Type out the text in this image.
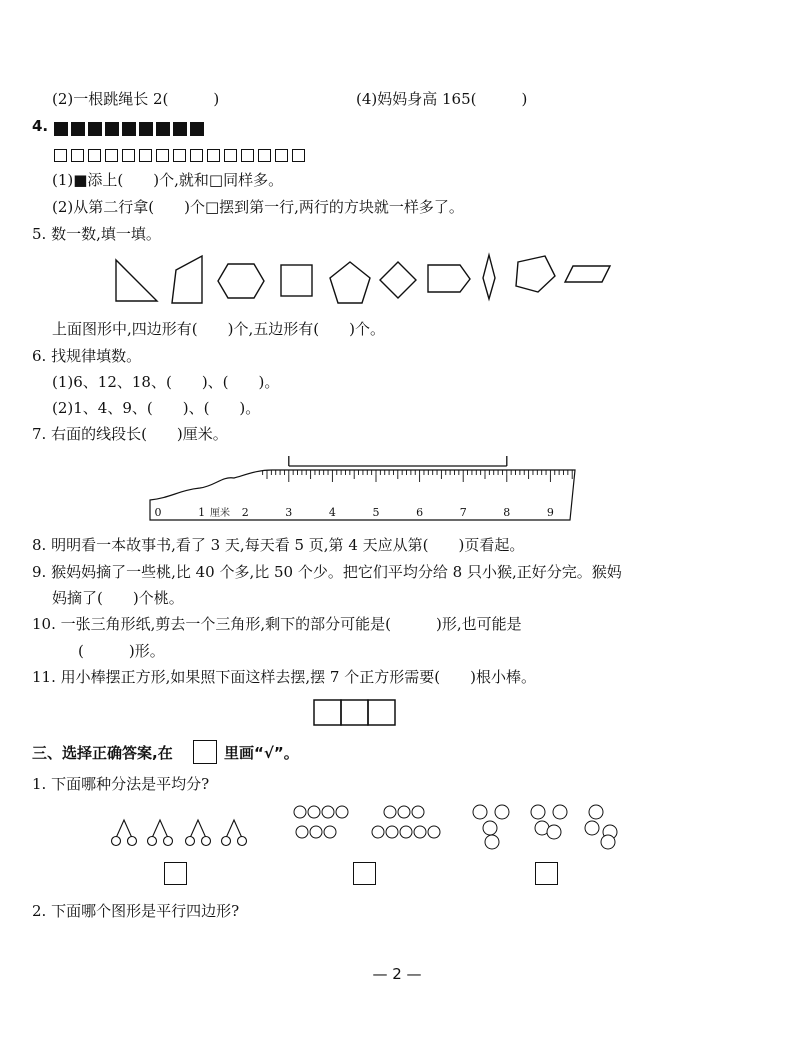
(2)一根跳绳长 2(　　　)	(4)妈妈身高 165(　　　)
4.
(1)■添上(　　)个,就和□同样多。
(2)从第二行拿(　　)个□摆到第一行,两行的方块就一样多了。
5. 数一数,填一填。
上面图形中,四边形有(　　)个,五边形有(　　)个。
6. 找规律填数。
(1)6、12、18、(　　)、(　　)。
(2)1、4、9、(　　)、(　　)。
7. 右面的线段长(　　)厘米。
0	1	2	3	4	5	6	7	8	9
厘米
8. 明明看一本故事书,看了 3 天,每天看 5 页,第 4 天应从第(　　)页看起。
9. 猴妈妈摘了一些桃,比 40 个多,比 50 个少。把它们平均分给 8 只小猴,正好分完。猴妈
妈摘了(　　)个桃。
10. 一张三角形纸,剪去一个三角形,剩下的部分可能是(　　　)形,也可能是
(　　　)形。
11. 用小棒摆正方形,如果照下面这样去摆,摆 7 个正方形需要(　　)根小棒。
三、选择正确答案,在	里画“√”。
1. 下面哪种分法是平均分?
2. 下面哪个图形是平行四边形?
— 2 —
